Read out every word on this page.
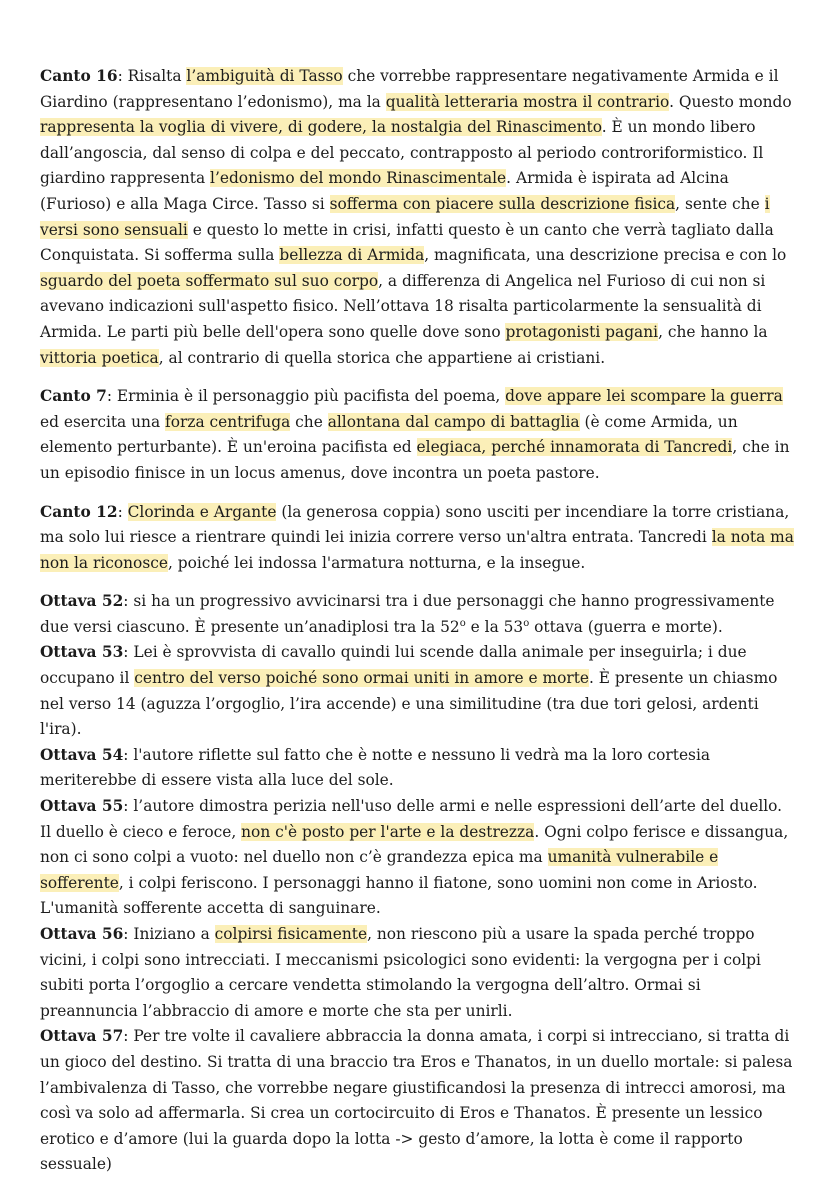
Canto 16: Risalta l’ambiguità di Tasso che vorrebbe rappresentare negativamente Armida e il Giardino (rappresentano l’edonismo), ma la qualità letteraria mostra il contrario. Questo mondo rappresenta la voglia di vivere, di godere, la nostalgia del Rinascimento. È un mondo libero dall’angoscia, dal senso di colpa e del peccato, contrapposto al periodo controriformistico. Il giardino rappresenta l’edonismo del mondo Rinascimentale. Armida è ispirata ad Alcina (Furioso) e alla Maga Circe. Tasso si sofferma con piacere sulla descrizione fisica, sente che i versi sono sensuali e questo lo mette in crisi, infatti questo è un canto che verrà tagliato dalla Conquistata. Si sofferma sulla bellezza di Armida, magnificata, una descrizione precisa e con lo sguardo del poeta soffermato sul suo corpo, a differenza di Angelica nel Furioso di cui non si avevano indicazioni sull'aspetto fisico. Nell’ottava 18 risalta particolarmente la sensualità di Armida. Le parti più belle dell'opera sono quelle dove sono protagonisti pagani, che hanno la vittoria poetica, al contrario di quella storica che appartiene ai cristiani.

Canto 7: Erminia è il personaggio più pacifista del poema, dove appare lei scompare la guerra ed esercita una forza centrifuga che allontana dal campo di battaglia (è come Armida, un elemento perturbante). È un'eroina pacifista ed elegiaca, perché innamorata di Tancredi, che in un episodio finisce in un locus amenus, dove incontra un poeta pastore.

Canto 12: Clorinda e Argante (la generosa coppia) sono usciti per incendiare la torre cristiana, ma solo lui riesce a rientrare quindi lei inizia correre verso un'altra entrata. Tancredi la nota ma non la riconosce, poiché lei indossa l'armatura notturna, e la insegue.

Ottava 52: si ha un progressivo avvicinarsi tra i due personaggi che hanno progressivamente due versi ciascuno. È presente un’anadiplosi tra la 52$^o$ e la 53$^o$ ottava (guerra e morte).

Ottava 53: Lei è sprovvista di cavallo quindi lui scende dalla animale per inseguirla; i due occupano il centro del verso poiché sono ormai uniti in amore e morte. È presente un chiasmo nel verso 14 (aguzza l’orgoglio, l’ira accende) e una similitudine (tra due tori gelosi, ardenti l'ira).

Ottava 54: l'autore riflette sul fatto che è notte e nessuno li vedrà ma la loro cortesia meriterebbe di essere vista alla luce del sole.

Ottava 55: l’autore dimostra perizia nell'uso delle armi e nelle espressioni dell’arte del duello. Il duello è cieco e feroce, non c'è posto per l'arte e la destrezza. Ogni colpo ferisce e dissangua, non ci sono colpi a vuoto: nel duello non c’è grandezza epica ma umanità vulnerabile e sofferente, i colpi feriscono. I personaggi hanno il fiatone, sono uomini non come in Ariosto. L'umanità sofferente accetta di sanguinare.

Ottava 56: Iniziano a colpirsi fisicamente, non riescono più a usare la spada perché troppo vicini, i colpi sono intrecciati. I meccanismi psicologici sono evidenti: la vergogna per i colpi subiti porta l’orgoglio a cercare vendetta stimolando la vergogna dell’altro. Ormai si preannuncia l’abbraccio di amore e morte che sta per unirli.

Ottava 57: Per tre volte il cavaliere abbraccia la donna amata, i corpi si intrecciano, si tratta di un gioco del destino. Si tratta di una braccio tra Eros e Thanatos, in un duello mortale: si palesa l’ambivalenza di Tasso, che vorrebbe negare giustificandosi la presenza di intrecci amorosi, ma così va solo ad affermarla. Si crea un cortocircuito di Eros e Thanatos. È presente un lessico erotico e d’amore (lui la guarda dopo la lotta -> gesto d’amore, la lotta è come il rapporto sessuale)
